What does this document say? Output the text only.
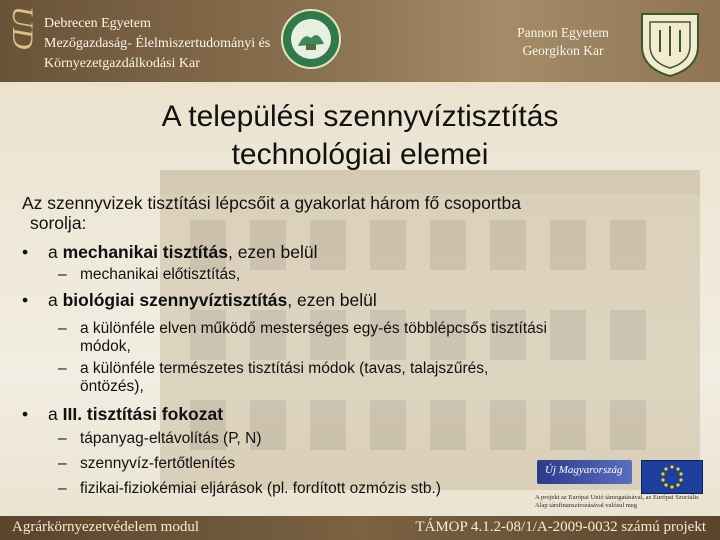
UD Debrecen Egyetem
Mezőgazdaság- Élelmiszertudományi és
Környezetgazdálkodási Kar
Pannon Egyetem
Georgikon Kar
A települési szennyvíztisztítás
technológiai elemei
Az szennyvizek tisztítási lépcsőit a gyakorlat három fő csoportba
sorolja:
• a mechanikai tisztítás, ezen belül
– mechanikai előtisztítás,
• a biológiai szennyvíztisztítás, ezen belül
– a különféle elven működő mesterséges egy-és többlépcsős tisztítási
módok,
– a különféle természetes tisztítási módok (tavas, talajszűrés,
öntözés),
• a III. tisztítási fokozat
– tápanyag-eltávolítás (P, N)
– szennyvíz-fertőtlenítés
– fizikai-fiziokémiai eljárások (pl. fordított ozmózis stb.)
Új Magyarország
A projekt az Európai Unió támogatásával, az Európai Szociális Alap társfinanszírozásával valósul meg
Agrárkörnyezetvédelem modul	TÁMOP 4.1.2-08/1/A-2009-0032 számú projekt
